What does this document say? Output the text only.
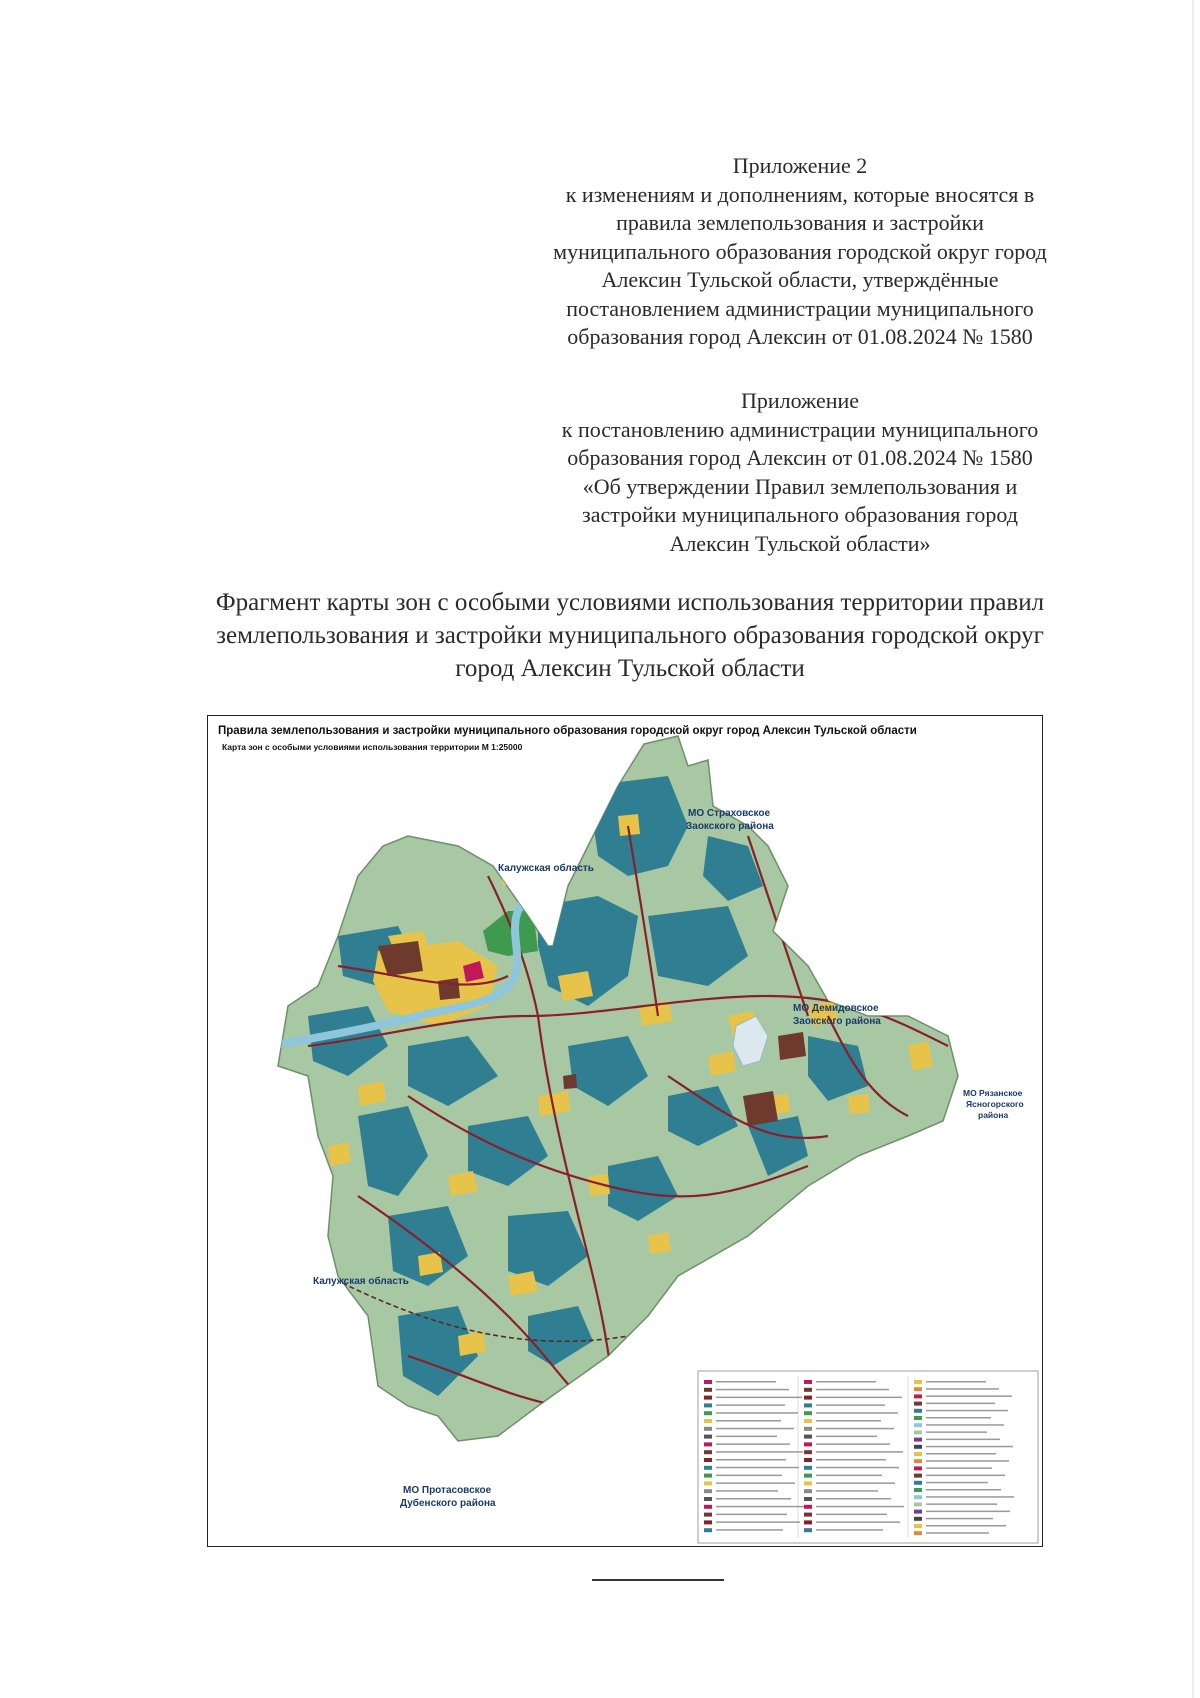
Приложение 2

к изменениям и дополнениям, которые вносятся в

правила землепользования и застройки

муниципального образования городской округ город

Алексин Тульской области, утверждённые

постановлением администрации муниципального

образования город Алексин от 01.08.2024 № 1580

Приложение

к постановлению администрации муниципального

образования город Алексин от 01.08.2024 № 1580

«Об утверждении Правил землепользования и

застройки муниципального образования город

Алексин Тульской области»

Фрагмент карты зон с особыми условиями использования территории правил

землепользования и застройки муниципального образования городской округ

город Алексин Тульской области

Правила землепользования и застройки муниципального образования городской округ город Алексин Тульской области
Карта зон с особыми условиями использования территории М 1:25000
МО Страховское
Заокского района
Калужская область
МО Демидовское
Заокского района
МО Рязанское
Ясногорского
района
Калужская область
МО Протасовское
Дубенского района
